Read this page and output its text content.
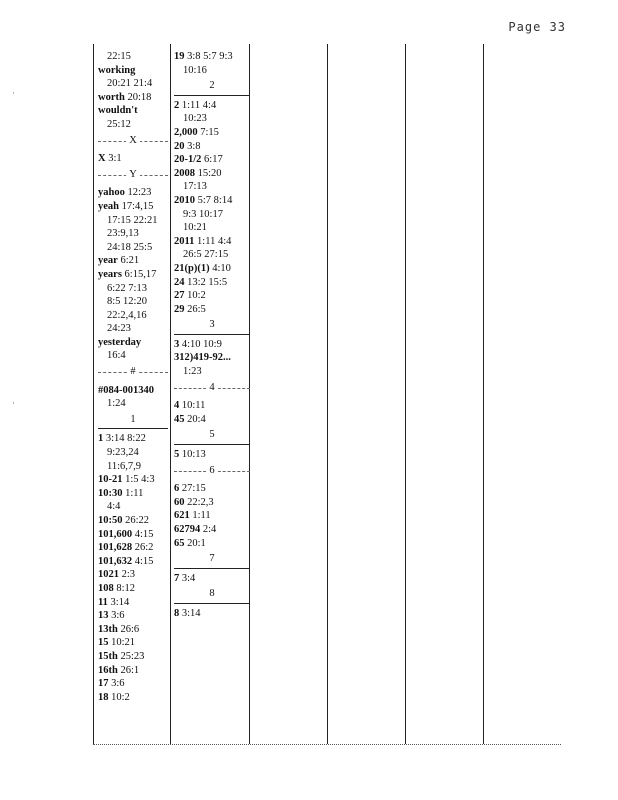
Page 33
·
·
22:15
working
20:21 21:4
worth 20:18
wouldn't
25:12
X
X 3:1
Y
yahoo 12:23
yeah 17:4,15
17:15 22:21
23:9,13
24:18 25:5
year 6:21
years 6:15,17
6:22 7:13
8:5 12:20
22:2,4,16
24:23
yesterday
16:4
#
#084-001340
1:24
1
1 3:14 8:22
9:23,24
11:6,7,9
10-21 1:5 4:3
10:30 1:11
4:4
10:50 26:22
101,600 4:15
101,628 26:2
101,632 4:15
1021 2:3
108 8:12
11 3:14
13 3:6
13th 26:6
15 10:21
15th 25:23
16th 26:1
17 3:6
18 10:2
19 3:8 5:7 9:3
10:16
2
2 1:11 4:4
10:23
2,000 7:15
20 3:8
20-1/2 6:17
2008 15:20
17:13
2010 5:7 8:14
9:3 10:17
10:21
2011 1:11 4:4
26:5 27:15
21(p)(1) 4:10
24 13:2 15:5
27 10:2
29 26:5
3
3 4:10 10:9
312)419-92...
1:23
4
4 10:11
45 20:4
5
5 10:13
6
6 27:15
60 22:2,3
621 1:11
62794 2:4
65 20:1
7
7 3:4
8
8 3:14
